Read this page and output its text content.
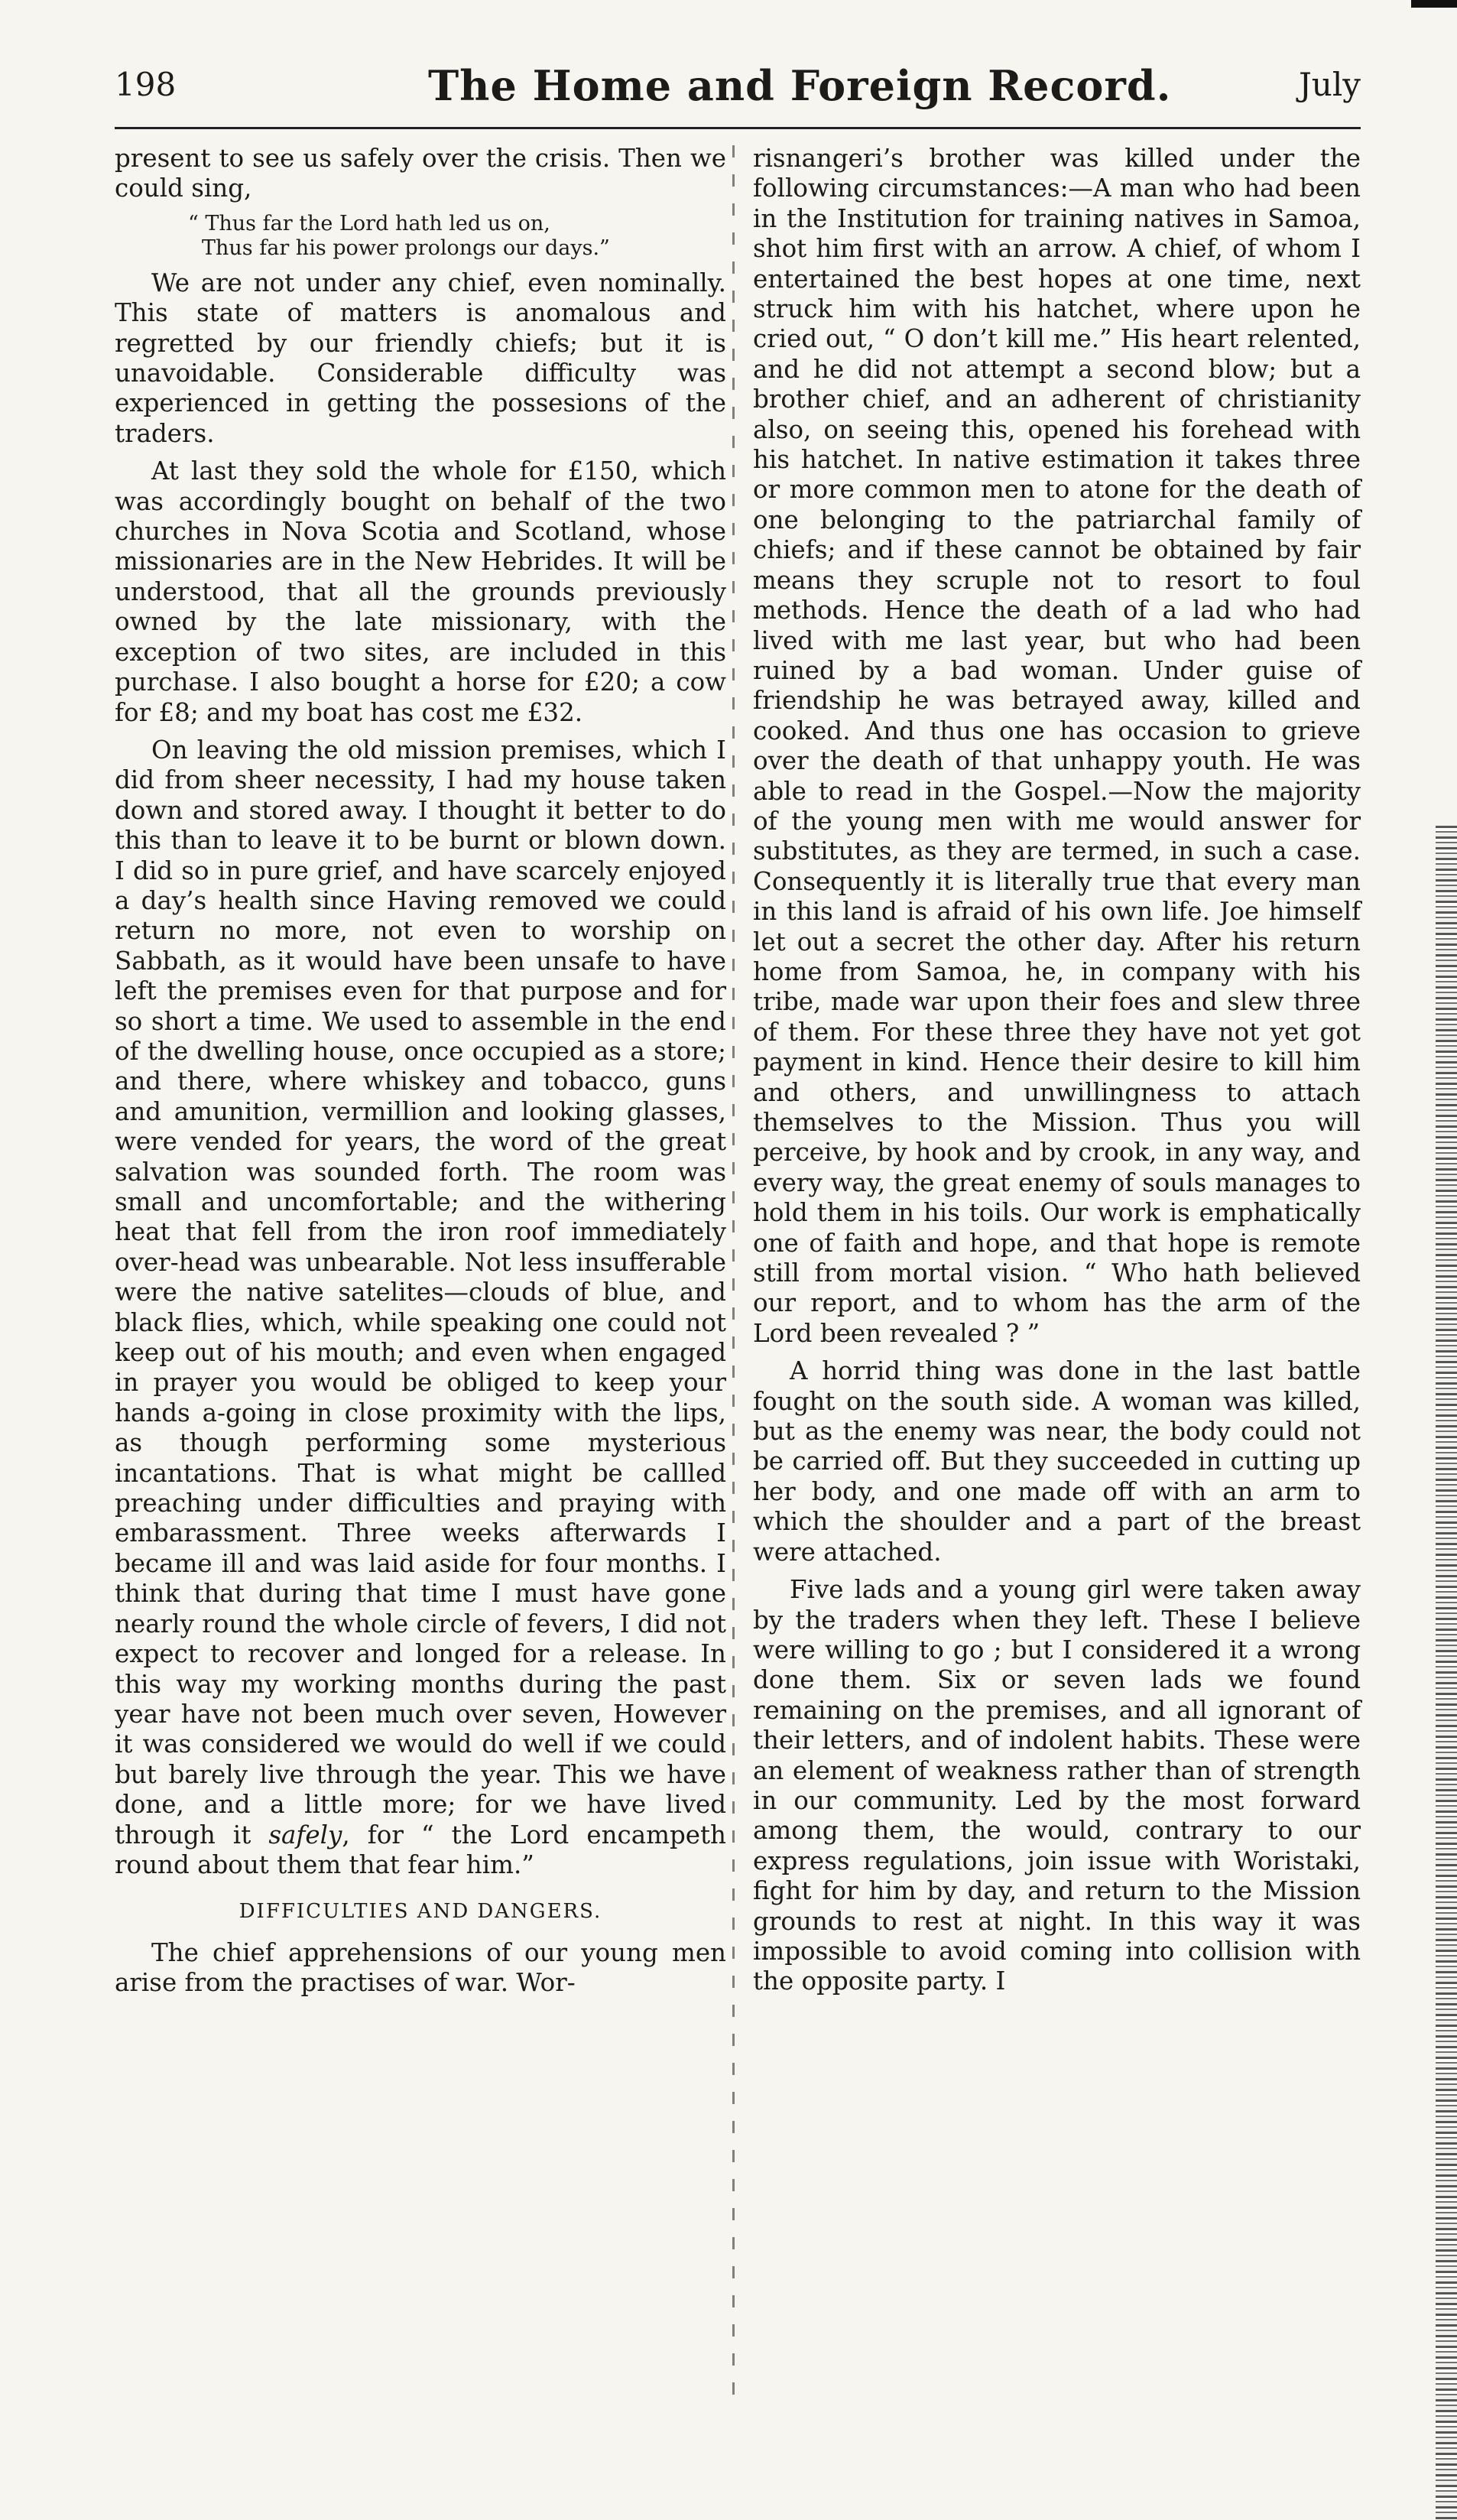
198	The Home and Foreign Record.	July

present to see us safely over the crisis. Then we could sing,

“ Thus far the Lord hath led us on,
Thus far his power prolongs our days.”

We are not under any chief, even nominally. This state of matters is anomalous and regretted by our friendly chiefs; but it is unavoidable. Considerable difficulty was experienced in getting the possesions of the traders.

At last they sold the whole for £150, which was accordingly bought on behalf of the two churches in Nova Scotia and Scotland, whose missionaries are in the New Hebrides. It will be understood, that all the grounds previously owned by the late missionary, with the exception of two sites, are included in this purchase. I also bought a horse for £20; a cow for £8; and my boat has cost me £32.

On leaving the old mission premises, which I did from sheer necessity, I had my house taken down and stored away. I thought it better to do this than to leave it to be burnt or blown down. I did so in pure grief, and have scarcely enjoyed a day’s health since Having removed we could return no more, not even to worship on Sabbath, as it would have been unsafe to have left the premises even for that purpose and for so short a time. We used to assemble in the end of the dwelling house, once occupied as a store; and there, where whiskey and tobacco, guns and amunition, vermillion and looking glasses, were vended for years, the word of the great salvation was sounded forth. The room was small and uncomfortable; and the withering heat that fell from the iron roof immediately over-head was unbearable. Not less insufferable were the native satelites—clouds of blue, and black flies, which, while speaking one could not keep out of his mouth; and even when engaged in prayer you would be obliged to keep your hands a-going in close proximity with the lips, as though performing some mysterious incantations. That is what might be callled preaching under difficulties and praying with embarassment. Three weeks afterwards I became ill and was laid aside for four months. I think that during that time I must have gone nearly round the whole circle of fevers, I did not expect to recover and longed for a release. In this way my working months during the past year have not been much over seven, However it was considered we would do well if we could but barely live through the year. This we have done, and a little more; for we have lived through it safely, for “ the Lord encampeth round about them that fear him.”

DIFFICULTIES AND DANGERS.

The chief apprehensions of our young men arise from the practises of war. Wor-

risnangeri’s brother was killed under the following circumstances:—A man who had been in the Institution for training natives in Samoa, shot him first with an arrow. A chief, of whom I entertained the best hopes at one time, next struck him with his hatchet, where upon he cried out, “ O don’t kill me.” His heart relented, and he did not attempt a second blow; but a brother chief, and an adherent of christianity also, on seeing this, opened his forehead with his hatchet. In native estimation it takes three or more common men to atone for the death of one belonging to the patriarchal family of chiefs; and if these cannot be obtained by fair means they scruple not to resort to foul methods. Hence the death of a lad who had lived with me last year, but who had been ruined by a bad woman. Under guise of friendship he was betrayed away, killed and cooked. And thus one has occasion to grieve over the death of that unhappy youth. He was able to read in the Gospel.—Now the majority of the young men with me would answer for substitutes, as they are termed, in such a case. Consequently it is literally true that every man in this land is afraid of his own life. Joe himself let out a secret the other day. After his return home from Samoa, he, in company with his tribe, made war upon their foes and slew three of them. For these three they have not yet got payment in kind. Hence their desire to kill him and others, and unwillingness to attach themselves to the Mission. Thus you will perceive, by hook and by crook, in any way, and every way, the great enemy of souls manages to hold them in his toils. Our work is emphatically one of faith and hope, and that hope is remote still from mortal vision. “ Who hath believed our report, and to whom has the arm of the Lord been revealed ? ”

A horrid thing was done in the last battle fought on the south side. A woman was killed, but as the enemy was near, the body could not be carried off. But they succeeded in cutting up her body, and one made off with an arm to which the shoulder and a part of the breast were attached.

Five lads and a young girl were taken away by the traders when they left. These I believe were willing to go ; but I considered it a wrong done them. Six or seven lads we found remaining on the premises, and all ignorant of their letters, and of indolent habits. These were an element of weakness rather than of strength in our community. Led by the most forward among them, the would, contrary to our express regulations, join issue with Woristaki, fight for him by day, and return to the Mission grounds to rest at night. In this way it was impossible to avoid coming into collision with the opposite party. I
